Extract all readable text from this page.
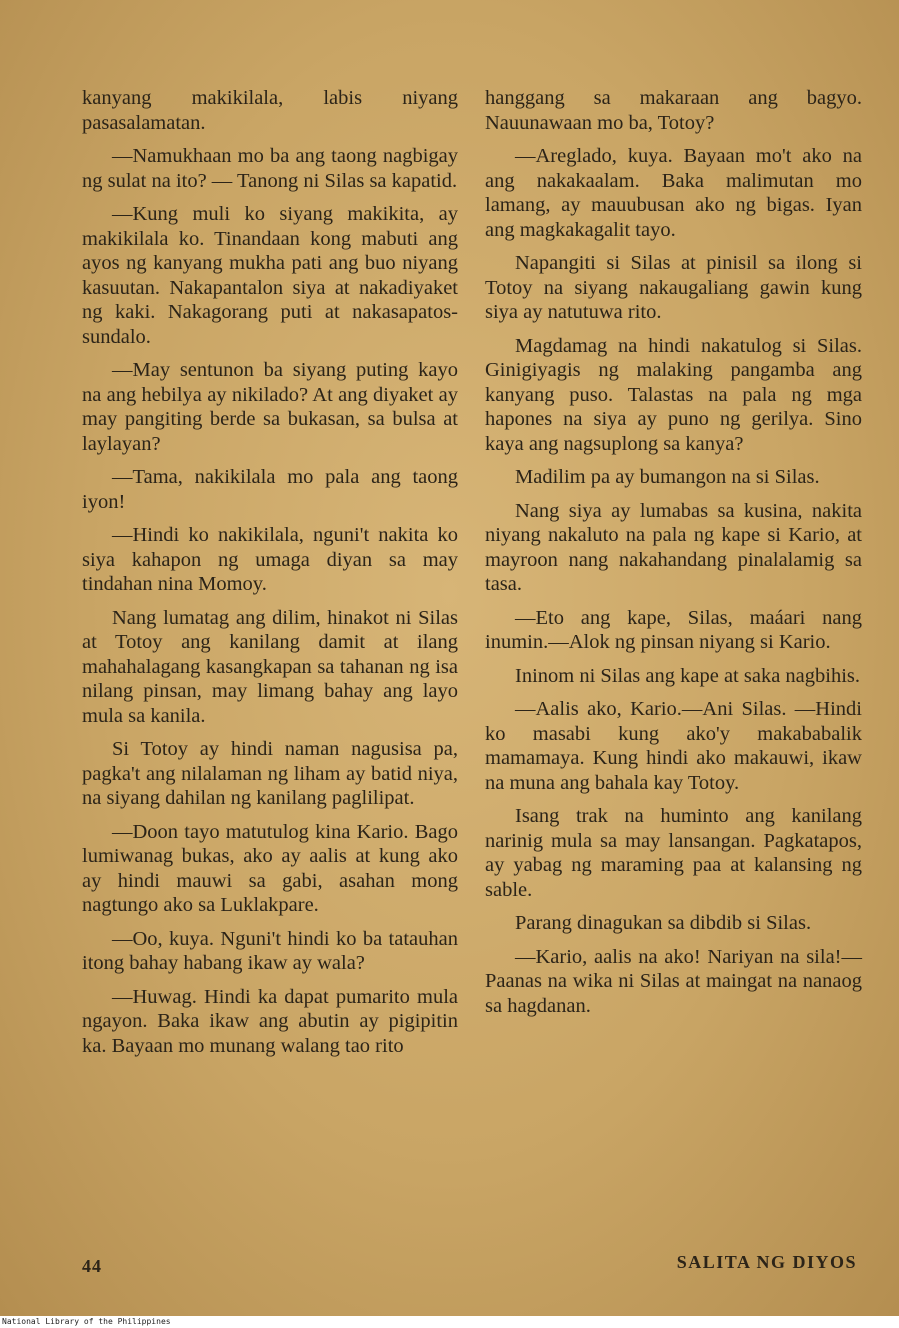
kanyang makikilala, labis niyang pasasalamatan.

—Namukhaan mo ba ang taong nagbigay ng sulat na ito? — Tanong ni Silas sa kapatid.

—Kung muli ko siyang makikita, ay makikilala ko. Tinandaan kong mabuti ang ayos ng kanyang mukha pati ang buo niyang kasuutan. Nakapantalon siya at nakadiyaket ng kaki. Nakagorang puti at nakasapatos-sundalo.

—May sentunon ba siyang puting kayo na ang hebilya ay nikilado? At ang diyaket ay may pangiting berde sa bukasan, sa bulsa at laylayan?

—Tama, nakikilala mo pala ang taong iyon!

—Hindi ko nakikilala, nguni't nakita ko siya kahapon ng umaga diyan sa may tindahan nina Momoy.

Nang lumatag ang dilim, hinakot ni Silas at Totoy ang kanilang damit at ilang mahahalagang kasangkapan sa tahanan ng isa nilang pinsan, may limang bahay ang layo mula sa kanila.

Si Totoy ay hindi naman nagusisa pa, pagka't ang nilalaman ng liham ay batid niya, na siyang dahilan ng kanilang paglilipat.

—Doon tayo matutulog kina Kario. Bago lumiwanag bukas, ako ay aalis at kung ako ay hindi mauwi sa gabi, asahan mong nagtungo ako sa Luklakpare.

—Oo, kuya. Nguni't hindi ko ba tatauhan itong bahay habang ikaw ay wala?

—Huwag. Hindi ka dapat pumarito mula ngayon. Baka ikaw ang abutin ay pigipitin ka. Bayaan mo munang walang tao rito

hanggang sa makaraan ang bagyo. Nauunawaan mo ba, Totoy?

—Areglado, kuya. Bayaan mo't ako na ang nakakaalam. Baka malimutan mo lamang, ay mauubusan ako ng bigas. Iyan ang magkakagalit tayo.

Napangiti si Silas at pinisil sa ilong si Totoy na siyang nakaugaliang gawin kung siya ay natutuwa rito.

Magdamag na hindi nakatulog si Silas. Ginigiyagis ng malaking pangamba ang kanyang puso. Talastas na pala ng mga hapones na siya ay puno ng gerilya. Sino kaya ang nagsuplong sa kanya?

Madilim pa ay bumangon na si Silas.

Nang siya ay lumabas sa kusina, nakita niyang nakaluto na pala ng kape si Kario, at mayroon nang nakahandang pinalalamig sa tasa.

—Eto ang kape, Silas, maáari nang inumin.—Alok ng pinsan niyang si Kario.

Ininom ni Silas ang kape at saka nagbihis.

—Aalis ako, Kario.—Ani Silas. —Hindi ko masabi kung ako'y makababalik mamamaya. Kung hindi ako makauwi, ikaw na muna ang bahala kay Totoy.

Isang trak na huminto ang kanilang narinig mula sa may lansangan. Pagkatapos, ay yabag ng maraming paa at kalansing ng sable.

Parang dinagukan sa dibdib si Silas.

—Kario, aalis na ako! Nariyan na sila!—Paanas na wika ni Silas at maingat na nanaog sa hagdanan.

44	SALITA NG DIYOS
National Library of the Philippines
